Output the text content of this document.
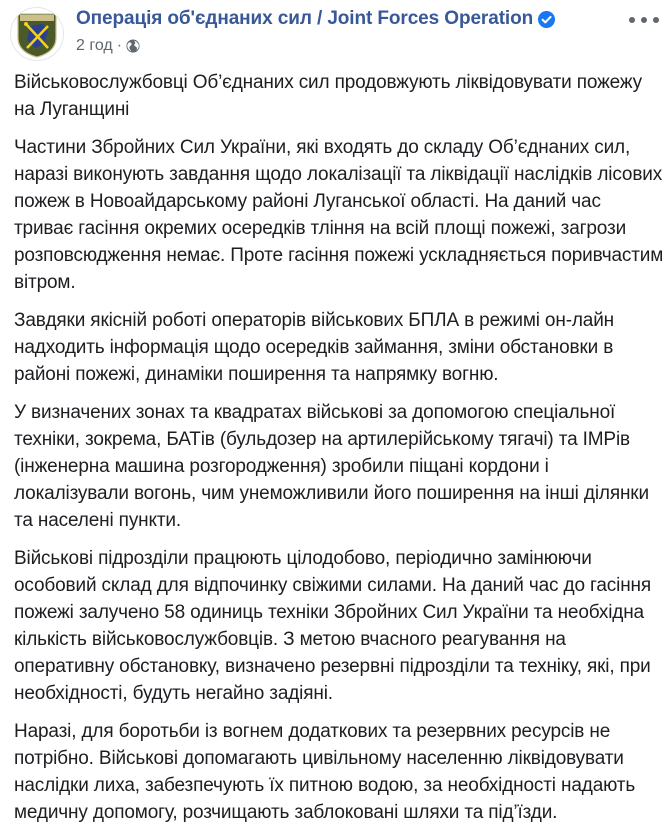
Операція об'єднаних сил / Joint Forces Operation
2 год ·

Військовослужбовці Об’єднаних сил продовжують ліквідовувати пожежу на Луганщині

Частини Збройних Сил України, які входять до складу Об’єднаних сил, наразі виконують завдання щодо локалізації та ліквідації наслідків лісових пожеж в Новоайдарському районі Луганської області. На даний час триває гасіння окремих осередків тління на всій площі пожежі, загрози розповсюдження немає. Проте гасіння пожежі ускладняється поривчастим вітром.

Завдяки якісній роботі операторів військових БПЛА в режимі он-лайн надходить інформація щодо осередків займання, зміни обстановки в районі пожежі, динаміки поширення та напрямку вогню.

У визначених зонах та квадратах військові за допомогою спеціальної техніки, зокрема, БАТів (бульдозер на артилерійському тягачі) та ІМРів (інженерна машина розгородження) зробили піщані кордони і локалізували вогонь, чим унеможливили його поширення на інші ділянки та населені пункти.

Військові підрозділи працюють цілодобово, періодично замінюючи особовий склад для відпочинку свіжими силами. На даний час до гасіння пожежі залучено 58 одиниць техніки Збройних Сил України та необхідна кількість військовослужбовців. З метою вчасного реагування на оперативну обстановку, визначено резервні підрозділи та техніку, які, при необхідності, будуть негайно задіяні.

Наразі, для боротьби із вогнем додаткових та резервних ресурсів не потрібно. Військові допомагають цивільному населенню ліквідовувати наслідки лиха, забезпечують їх питною водою, за необхідності надають медичну допомогу, розчищають заблоковані шляхи та під’їзди.
